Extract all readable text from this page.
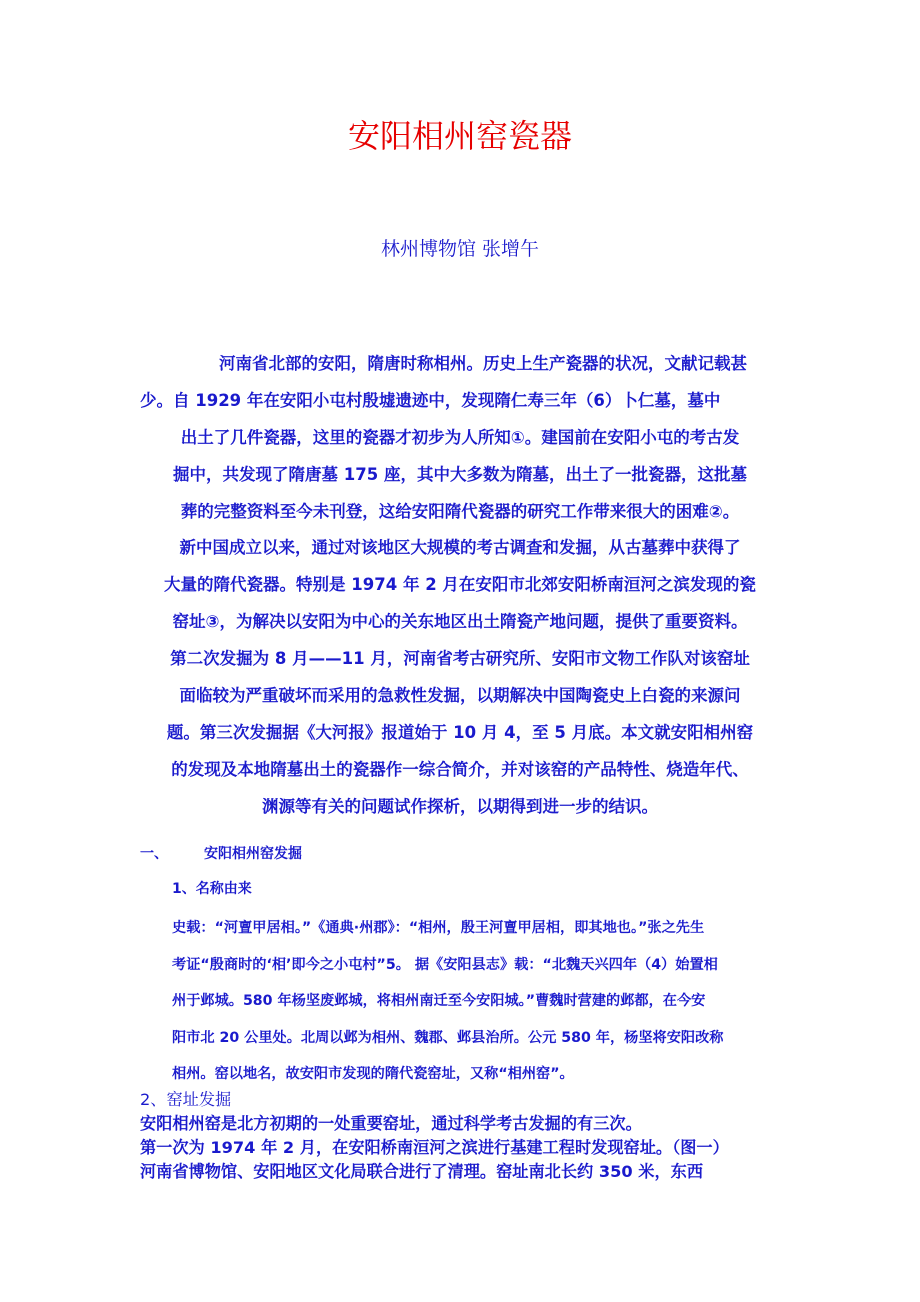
安阳相州窑瓷器
林州博物馆 张增午
河南省北部的安阳，隋唐时称相州。历史上生产瓷器的状况，文献记载甚
少。自 1929 年在安阳小屯村殷墟遗迹中，发现隋仁寿三年（6）卜仁墓，墓中
出土了几件瓷器，这里的瓷器才初步为人所知①。建国前在安阳小屯的考古发
掘中，共发现了隋唐墓 175 座，其中大多数为隋墓，出土了一批瓷器，这批墓
葬的完整资料至今未刊登，这给安阳隋代瓷器的研究工作带来很大的困难②。
新中国成立以来，通过对该地区大规模的考古调查和发掘，从古墓葬中获得了
大量的隋代瓷器。特别是 1974 年 2 月在安阳市北郊安阳桥南洹河之滨发现的瓷
窑址③，为解决以安阳为中心的关东地区出土隋瓷产地问题，提供了重要资料。
第二次发掘为 8 月——11 月，河南省考古研究所、安阳市文物工作队对该窑址
面临较为严重破坏而采用的急救性发掘，以期解决中国陶瓷史上白瓷的来源问
题。第三次发掘据《大河报》报道始于 10 月 4，至 5 月底。本文就安阳相州窑
的发现及本地隋墓出土的瓷器作一综合简介，并对该窑的产品特性、烧造年代、
渊源等有关的问题试作探析，以期得到进一步的结识。
一、	安阳相州窑发掘
1、名称由来
史载：“河亶甲居相。”《通典·州郡》：“相州，殷王河亶甲居相，即其地也。”张之先生
考证“殷商时的‘相’即今之小屯村”5。 据《安阳县志》载：“北魏天兴四年（4）始置相
州于邺城。580 年杨坚废邺城，将相州南迁至今安阳城。”曹魏时营建的邺都，在今安
阳市北 20 公里处。北周以邺为相州、魏郡、邺县治所。公元 580 年，杨坚将安阳改称
相州。窑以地名，故安阳市发现的隋代瓷窑址，又称“相州窑”。
2、窑址发掘
安阳相州窑是北方初期的一处重要窑址，通过科学考古发掘的有三次。
第一次为 1974 年 2 月，在安阳桥南洹河之滨进行基建工程时发现窑址。（图一）
河南省博物馆、安阳地区文化局联合进行了清理。窑址南北长约 350 米，东西
